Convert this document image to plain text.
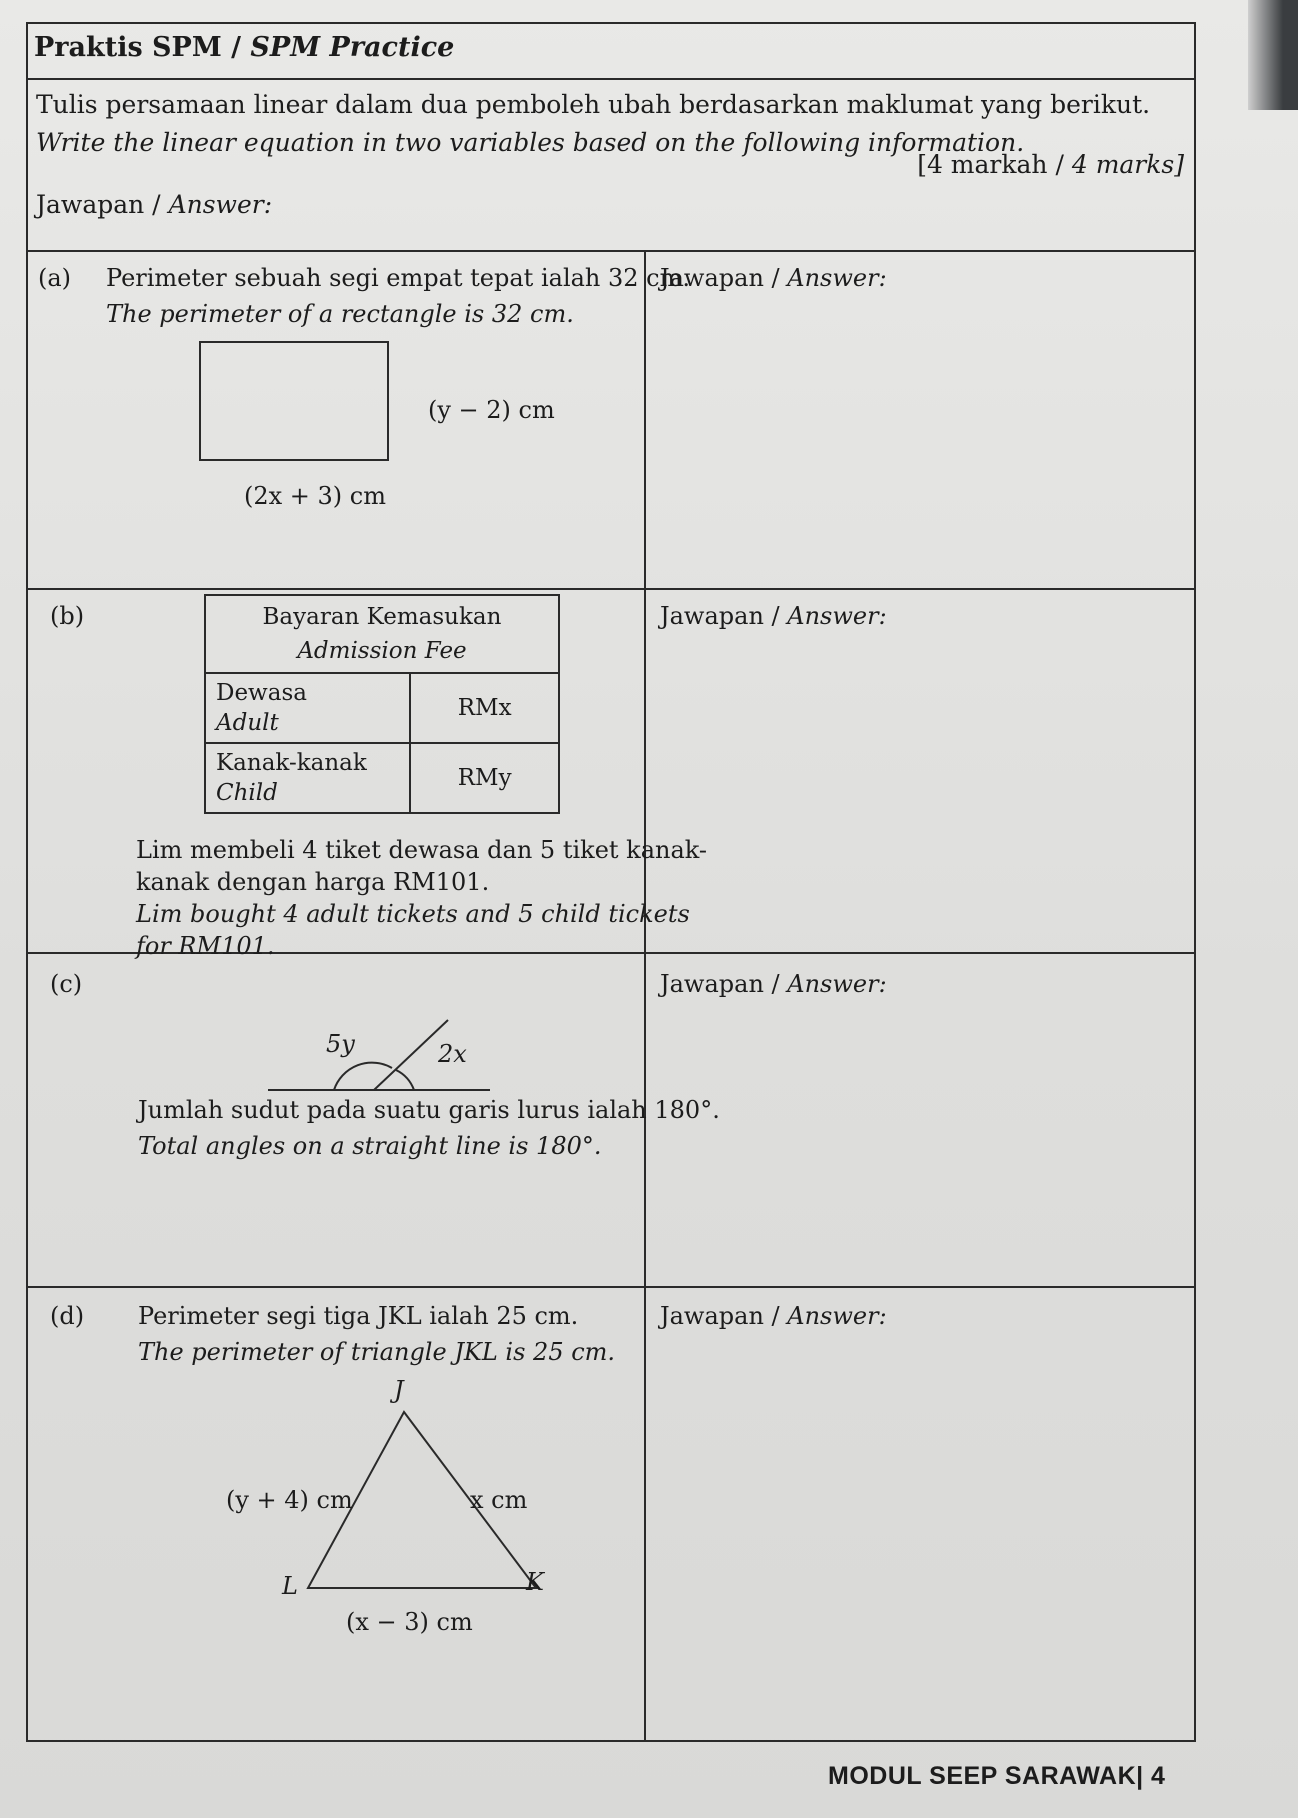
Praktis SPM / SPM Practice
Tulis persamaan linear dalam dua pemboleh ubah berdasarkan maklumat yang berikut.
Write the linear equation in two variables based on the following information.
[4 markah / 4 marks]
Jawapan / Answer:
(a) Perimeter sebuah segi empat tepat ialah 32 cm.
The perimeter of a rectangle is 32 cm.
(y − 2) cm
(2x + 3) cm
Jawapan / Answer:
(b)	Bayaran Kemasukan
Admission Fee	

Dewasa
Adult	RMx

Kanak-kanak
Child	RMy
Lim membeli 4 tiket dewasa dan 5 tiket kanak-
kanak dengan harga RM101.
Lim bought 4 adult tickets and 5 child tickets
for RM101.
Jawapan / Answer:
(c)
5y	2x
Jumlah sudut pada suatu garis lurus ialah 180°.
Total angles on a straight line is 180°.
Jawapan / Answer:
(d) Perimeter segi tiga JKL ialah 25 cm.
The perimeter of triangle JKL is 25 cm.
J
L	K
(y + 4) cm	x cm
(x − 3) cm
Jawapan / Answer:
MODUL SEEP SARAWAK| 4
